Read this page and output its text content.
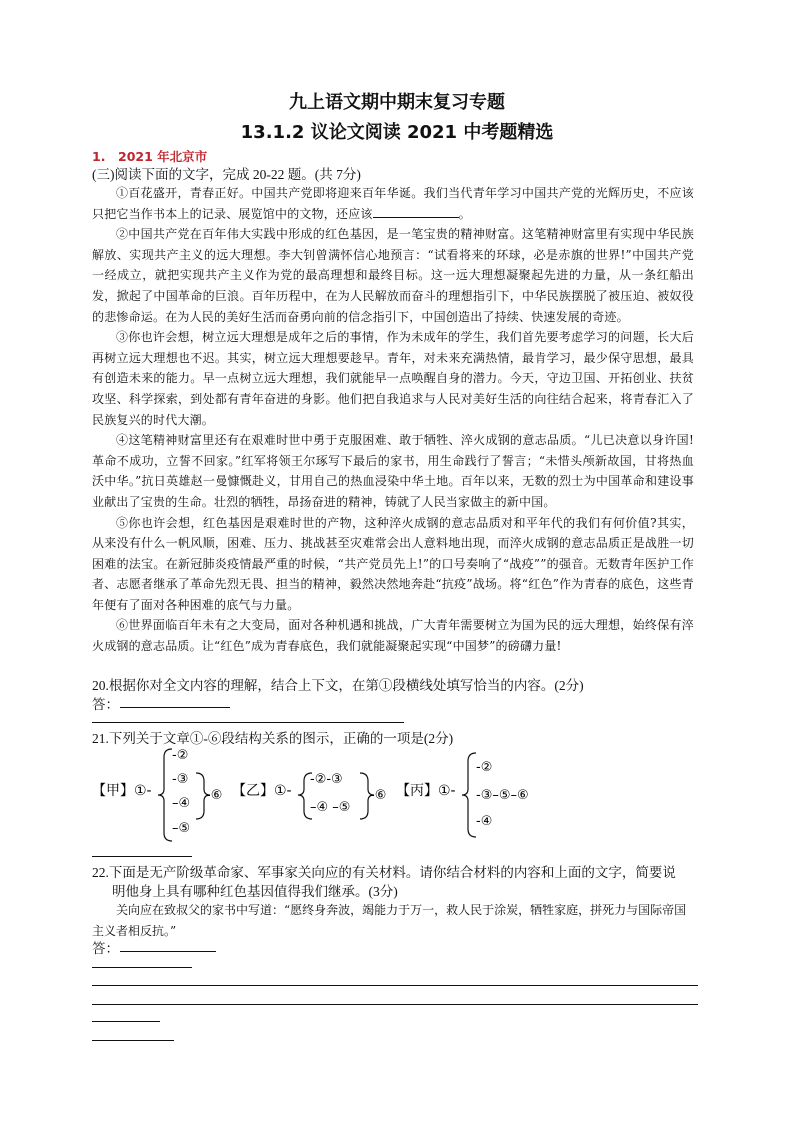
九上语文期中期末复习专题
13.1.2 议论文阅读 2021 中考题精选
1. 2021 年北京市
(三)阅读下面的文字，完成 20-22 题。(共 7分)

①百花盛开，青春正好。中国共产党即将迎来百年华诞。我们当代青年学习中国共产党的光辉历史，不应该只把它当作书本上的记录、展览馆中的文物，还应该	。

②中国共产党在百年伟大实践中形成的红色基因，是一笔宝贵的精神财富。这笔精神财富里有实现中华民族解放、实现共产主义的远大理想。李大钊曾满怀信心地预言：“试看将来的环球，必是赤旗的世界!”中国共产党一经成立，就把实现共产主义作为党的最高理想和最终目标。这一远大理想凝聚起先进的力量，从一条红船出发，掀起了中国革命的巨浪。百年历程中，在为人民解放而奋斗的理想指引下，中华民族摆脱了被压迫、被奴役的悲惨命运。在为人民的美好生活而奋勇向前的信念指引下，中国创造出了持续、快速发展的奇迹。

③你也许会想，树立远大理想是成年之后的事情，作为未成年的学生，我们首先要考虑学习的问题，长大后再树立远大理想也不迟。其实，树立远大理想要趁早。青年，对未来充满热情，最肯学习，最少保守思想，最具有创造未来的能力。早一点树立远大理想，我们就能早一点唤醒自身的潜力。今天，守边卫国、开拓创业、扶贫攻坚、科学探索，到处都有青年奋进的身影。他们把自我追求与人民对美好生活的向往结合起来，将青春汇入了民族复兴的时代大潮。

④这笔精神财富里还有在艰难时世中勇于克服困难、敢于牺牲、淬火成钢的意志品质。“儿已决意以身许国!革命不成功，立誓不回家。”红军将领王尔琢写下最后的家书，用生命践行了誓言；“未惜头颅新故国，甘将热血沃中华。”抗日英雄赵一曼慷慨赴义，甘用自己的热血浸染中华土地。百年以来，无数的烈士为中国革命和建设事业献出了宝贵的生命。壮烈的牺牲，昂扬奋进的精神，铸就了人民当家做主的新中国。

⑤你也许会想，红色基因是艰难时世的产物，这种淬火成钢的意志品质对和平年代的我们有何价值?其实，从来没有什么一帆风顺，困难、压力、挑战甚至灾难常会出人意料地出现，而淬火成钢的意志品质正是战胜一切困难的法宝。在新冠肺炎疫情最严重的时候，“共产党员先上!”的口号奏响了“战疫””的强音。无数青年医护工作者、志愿者继承了革命先烈无畏、担当的精神，毅然决然地奔赴“抗疫”战场。将“红色”作为青春的底色，这些青年便有了面对各种困难的底气与力量。

⑥世界面临百年未有之大变局，面对各种机遇和挑战，广大青年需要树立为国为民的远大理想，始终保有淬火成钢的意志品质。让“红色”成为青春底色，我们就能凝聚起实现“中国梦”的磅礴力量!

20.根据你对全文内容的理解，结合上下文，在第①段横线处填写恰当的内容。(2分)
答：
21.下列关于文章①-⑥段结构关系的图示，正确的一项是(2分)
【甲】①-
-②
-③
–④
–⑤
-⑥ 【乙】①-
-②-③
–④ –⑤
-⑥ 【丙】①-
-②
-③–⑤–⑥
-④
22.下面是无产阶级革命家、军事家关向应的有关材料。请你结合材料的内容和上面的文字，简要说
明他身上具有哪种红色基因值得我们继承。(3分)

关向应在致叔父的家书中写道：“愿终身奔波，竭能力于万一，救人民于涂炭，牺牲家庭，拼死力与国际帝国主义者相反抗。”

答：
